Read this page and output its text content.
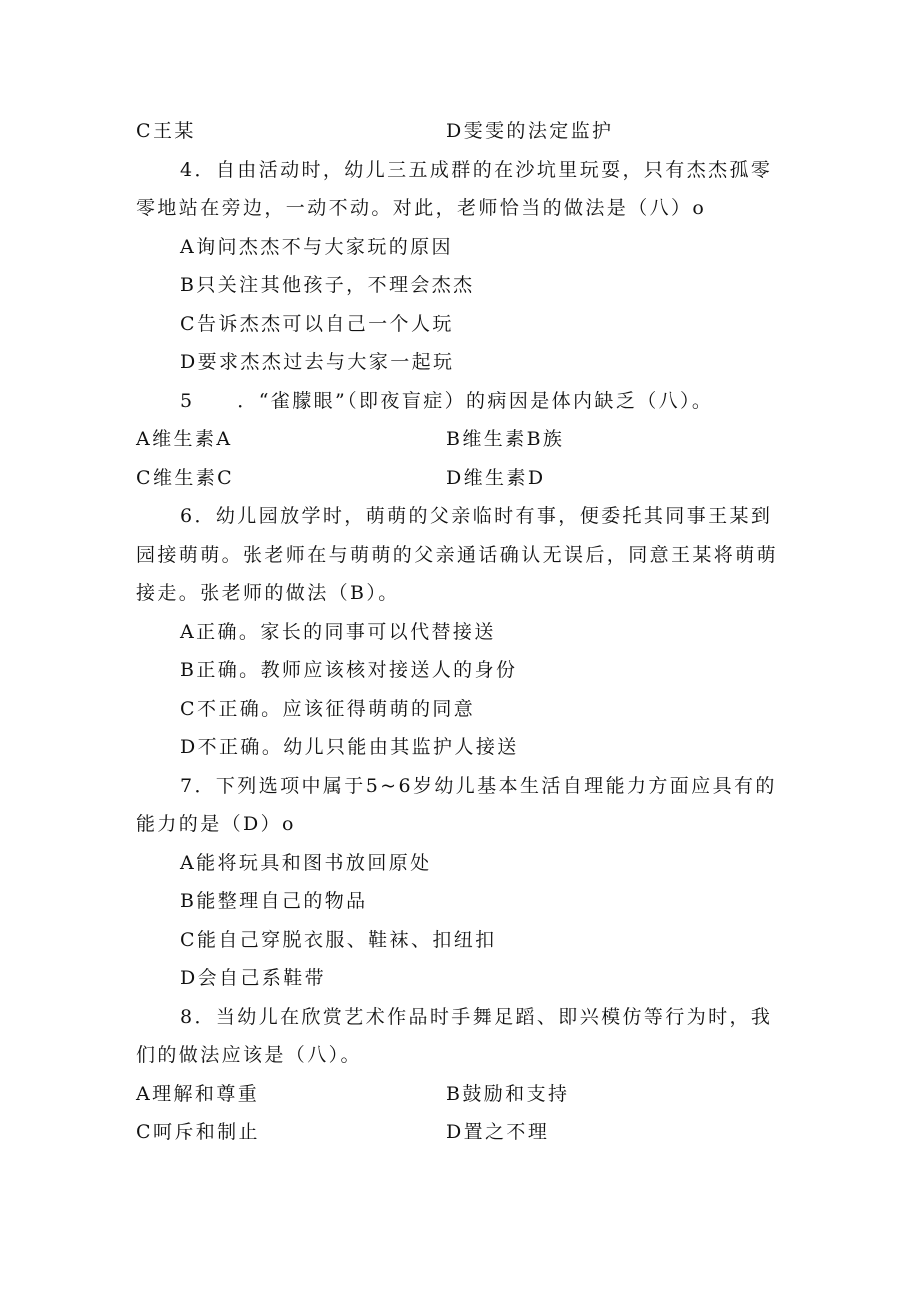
C王某	D雯雯的法定监护
4．自由活动时，幼儿三五成群的在沙坑里玩耍，只有杰杰孤零
零地站在旁边，一动不动。对此，老师恰当的做法是（八）o
A询问杰杰不与大家玩的原因
B只关注其他孩子，不理会杰杰
C告诉杰杰可以自己一个人玩
D要求杰杰过去与大家一起玩
5　　．“雀朦眼”（即夜盲症）的病因是体内缺乏（八）。
A维生素A	B维生素B族
C维生素C	D维生素D
6．幼儿园放学时，萌萌的父亲临时有事，便委托其同事王某到
园接萌萌。张老师在与萌萌的父亲通话确认无误后，同意王某将萌萌
接走。张老师的做法（B）。
A正确。家长的同事可以代替接送
B正确。教师应该核对接送人的身份
C不正确。应该征得萌萌的同意
D不正确。幼儿只能由其监护人接送
7．下列选项中属于5~6岁幼儿基本生活自理能力方面应具有的
能力的是（D）o
A能将玩具和图书放回原处
B能整理自己的物品
C能自己穿脱衣服、鞋袜、扣纽扣
D会自己系鞋带
8．当幼儿在欣赏艺术作品时手舞足蹈、即兴模仿等行为时，我
们的做法应该是（八）。
A理解和尊重	B鼓励和支持
C呵斥和制止	D置之不理
